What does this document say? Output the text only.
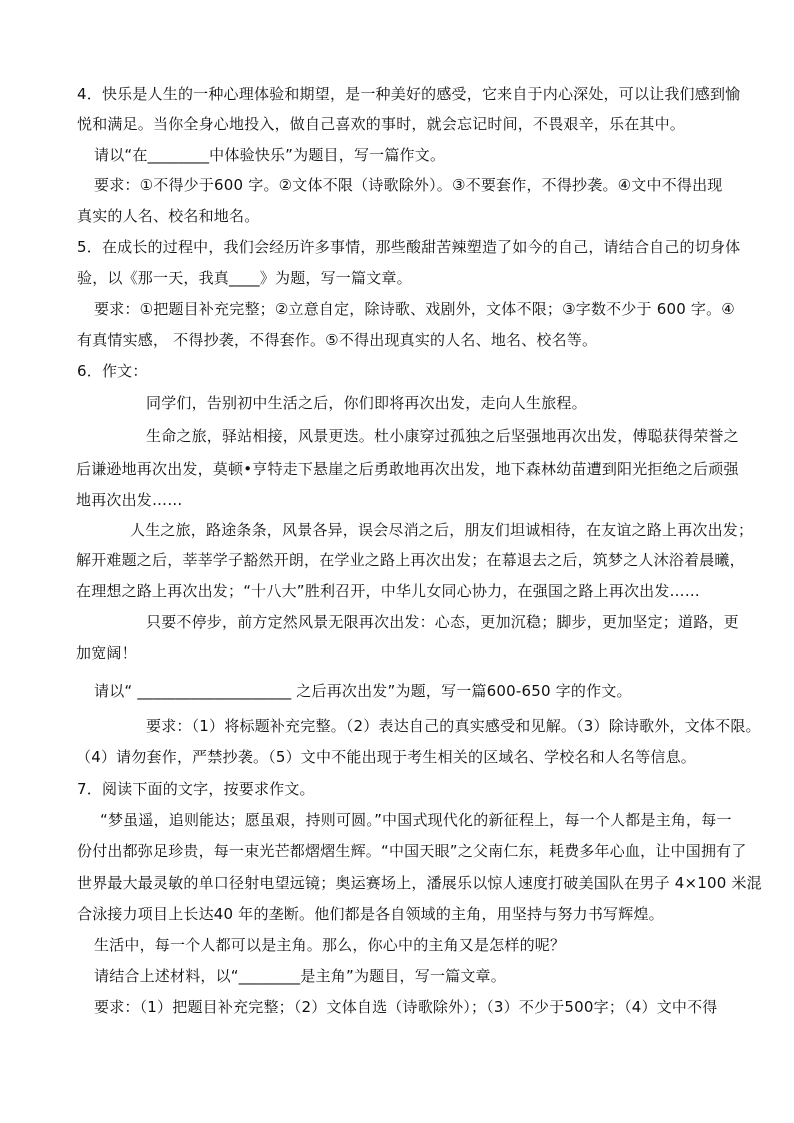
4．快乐是人生的一种心理体验和期望，是一种美好的感受，它来自于内心深处，可以让我们感到愉
悦和满足。当你全身心地投入，做自己喜欢的事时，就会忘记时间，不畏艰辛，乐在其中。
请以“在________中体验快乐”为题目，写一篇作文。
要求：①不得少于600 字。②文体不限（诗歌除外）。③不要套作，不得抄袭。④文中不得出现
真实的人名、校名和地名。
5．在成长的过程中，我们会经历许多事情，那些酸甜苦辣塑造了如今的自己，请结合自己的切身体
验，以《那一天，我真____》为题，写一篇文章。
要求：①把题目补充完整；②立意自定，除诗歌、戏剧外，文体不限；③字数不少于 600 字。④
有真情实感， 不得抄袭，不得套作。⑤不得出现真实的人名、地名、校名等。
6．作文：
同学们，告别初中生活之后，你们即将再次出发，走向人生旅程。
生命之旅，驿站相接，风景更迭。杜小康穿过孤独之后坚强地再次出发，傅聪获得荣誉之
后谦逊地再次出发，莫顿•亨特走下悬崖之后勇敢地再次出发，地下森林幼苗遭到阳光拒绝之后顽强
地再次出发……
人生之旅，路途条条，风景各异，误会尽消之后，朋友们坦诚相待，在友谊之路上再次出发；
解开难题之后，莘莘学子豁然开朗，在学业之路上再次出发；在幕退去之后，筑梦之人沐浴着晨曦，
在理想之路上再次出发；“十八大”胜利召开，中华儿女同心协力，在强国之路上再次出发……
只要不停步，前方定然风景无限再次出发：心态，更加沉稳；脚步，更加坚定；道路，更
加宽阔！
请以“ ____________________ 之后再次出发”为题，写一篇600-650 字的作文。
要求：（1）将标题补充完整。（2）表达自己的真实感受和见解。（3）除诗歌外，文体不限。
（4）请勿套作，严禁抄袭。（5）文中不能出现于考生相关的区域名、学校名和人名等信息。
7．阅读下面的文字，按要求作文。
“梦虽遥，追则能达；愿虽艰，持则可圆。”中国式现代化的新征程上，每一个人都是主角，每一
份付出都弥足珍贵，每一束光芒都熠熠生辉。“中国天眼”之父南仁东，耗费多年心血，让中国拥有了
世界最大最灵敏的单口径射电望远镜；奥运赛场上，潘展乐以惊人速度打破美国队在男子 4×100 米混
合泳接力项目上长达40 年的垄断。他们都是各自领域的主角，用坚持与努力书写辉煌。
生活中，每一个人都可以是主角。那么，你心中的主角又是怎样的呢？
请结合上述材料，以“________是主角”为题目，写一篇文章。
要求：（1）把题目补充完整；（2）文体自选（诗歌除外）；（3）不少于500字；（4）文中不得
